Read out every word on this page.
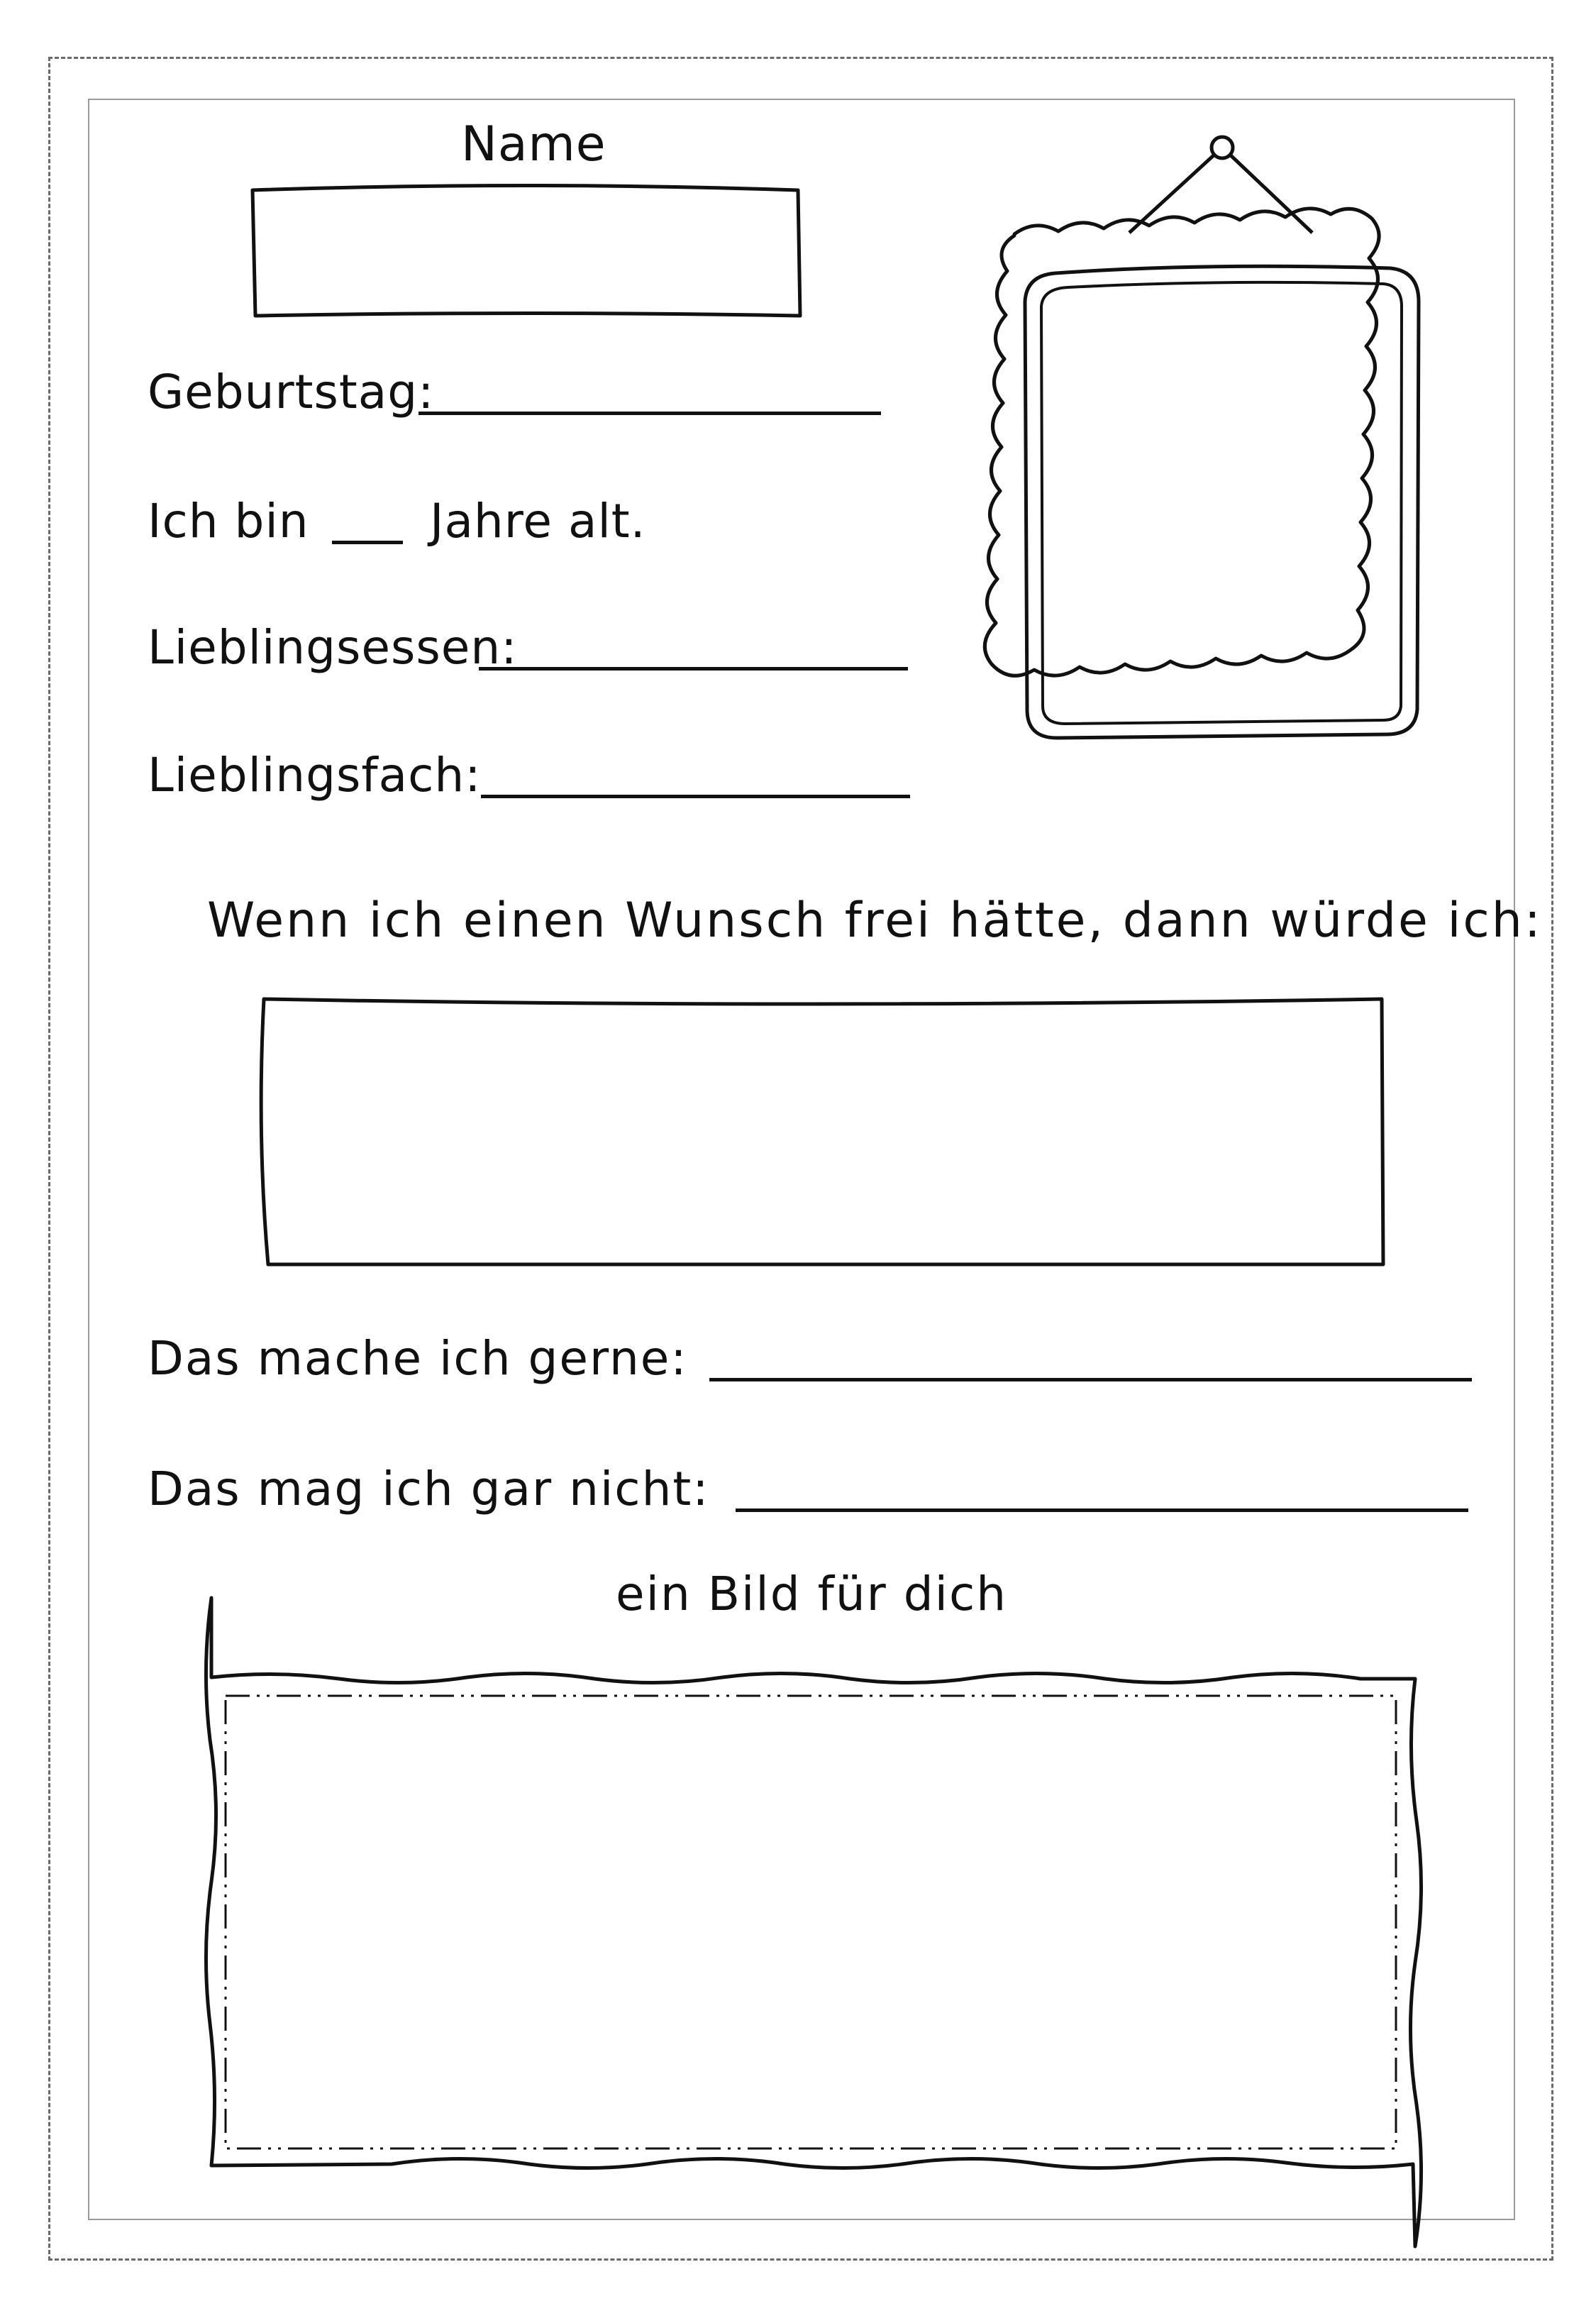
Name
Geburtstag:
Ich bin	Jahre alt.
Lieblingsessen:
Lieblingsfach:
Wenn ich einen Wunsch frei hätte, dann würde ich:
Das mache ich gerne:
Das mag ich gar nicht:
ein Bild für dich
